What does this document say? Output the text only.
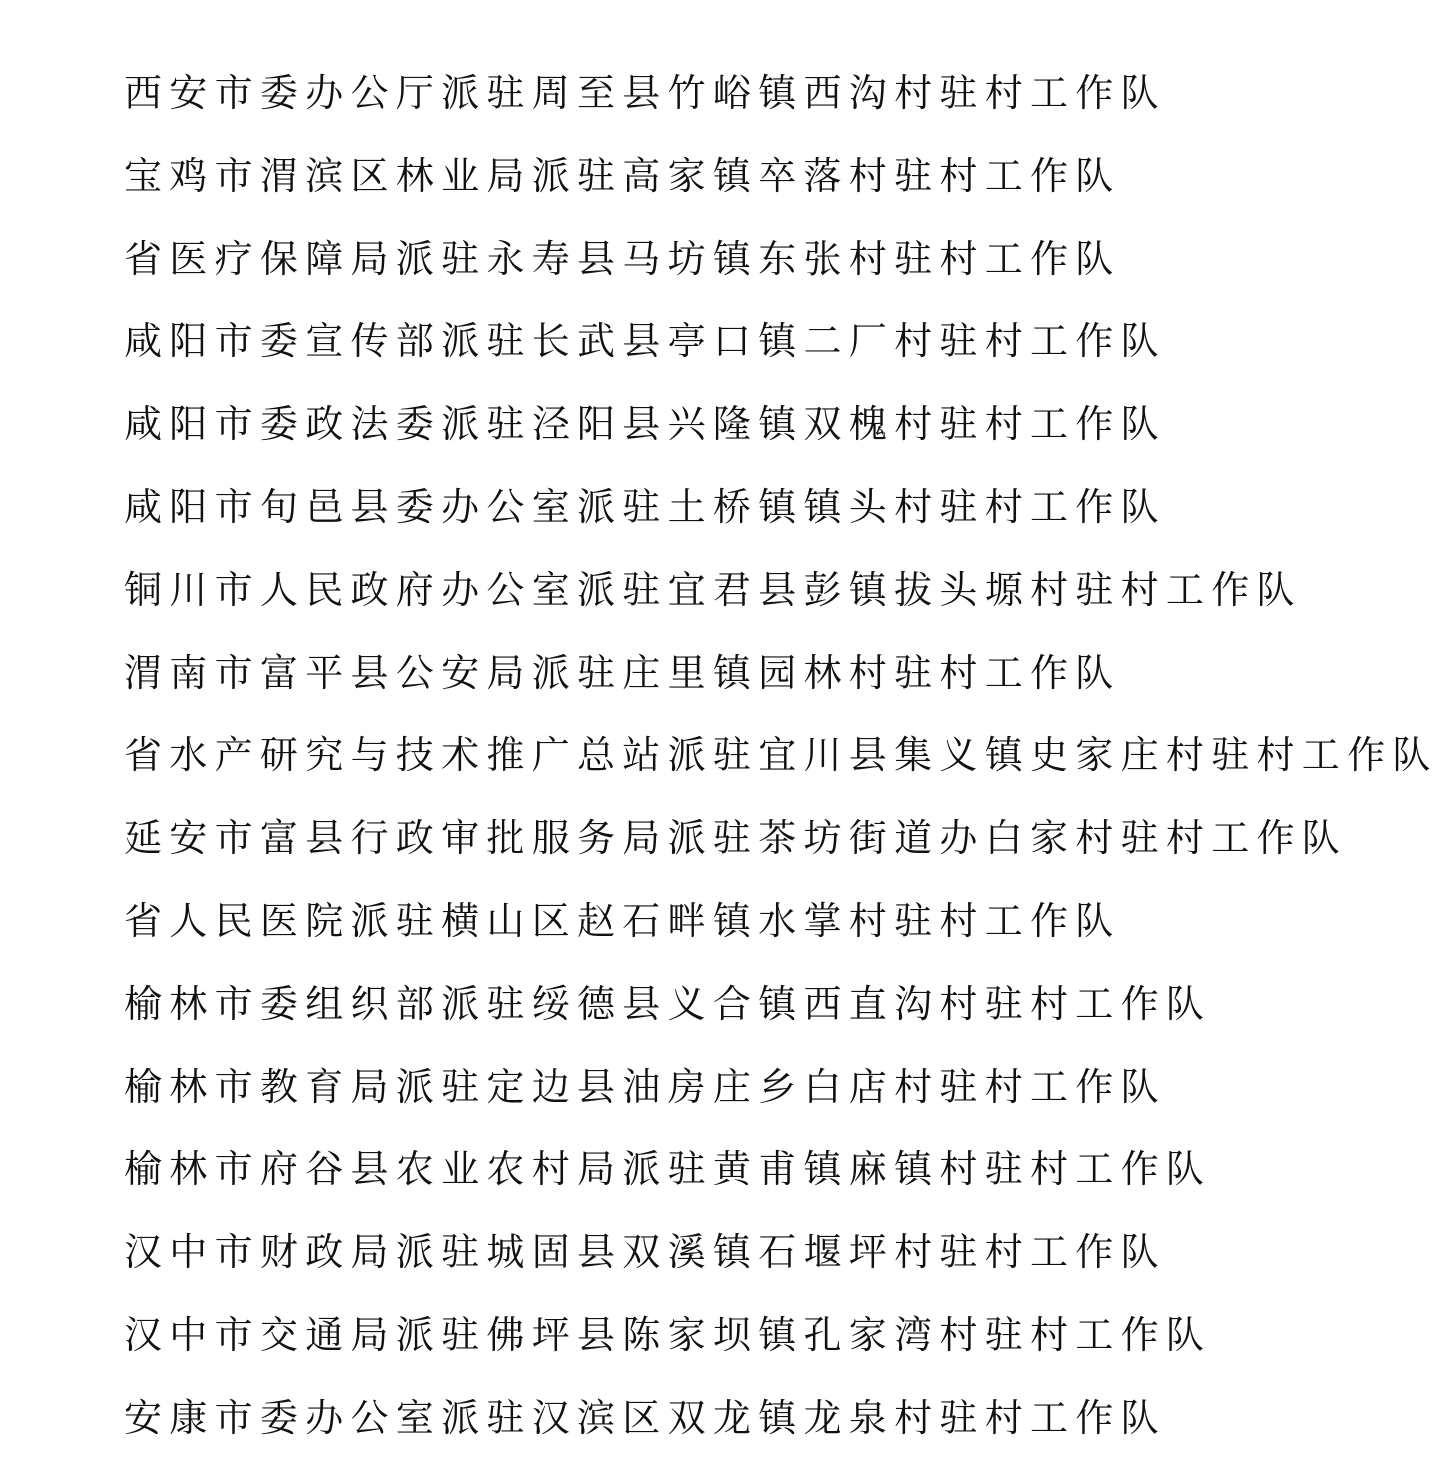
西安市委办公厅派驻周至县竹峪镇西沟村驻村工作队
宝鸡市渭滨区林业局派驻高家镇卒落村驻村工作队
省医疗保障局派驻永寿县马坊镇东张村驻村工作队
咸阳市委宣传部派驻长武县亭口镇二厂村驻村工作队
咸阳市委政法委派驻泾阳县兴隆镇双槐村驻村工作队
咸阳市旬邑县委办公室派驻土桥镇镇头村驻村工作队
铜川市人民政府办公室派驻宜君县彭镇拔头塬村驻村工作队
渭南市富平县公安局派驻庄里镇园林村驻村工作队
省水产研究与技术推广总站派驻宜川县集义镇史家庄村驻村工作队
延安市富县行政审批服务局派驻茶坊街道办白家村驻村工作队
省人民医院派驻横山区赵石畔镇水掌村驻村工作队
榆林市委组织部派驻绥德县义合镇西直沟村驻村工作队
榆林市教育局派驻定边县油房庄乡白店村驻村工作队
榆林市府谷县农业农村局派驻黄甫镇麻镇村驻村工作队
汉中市财政局派驻城固县双溪镇石堰坪村驻村工作队
汉中市交通局派驻佛坪县陈家坝镇孔家湾村驻村工作队
安康市委办公室派驻汉滨区双龙镇龙泉村驻村工作队
